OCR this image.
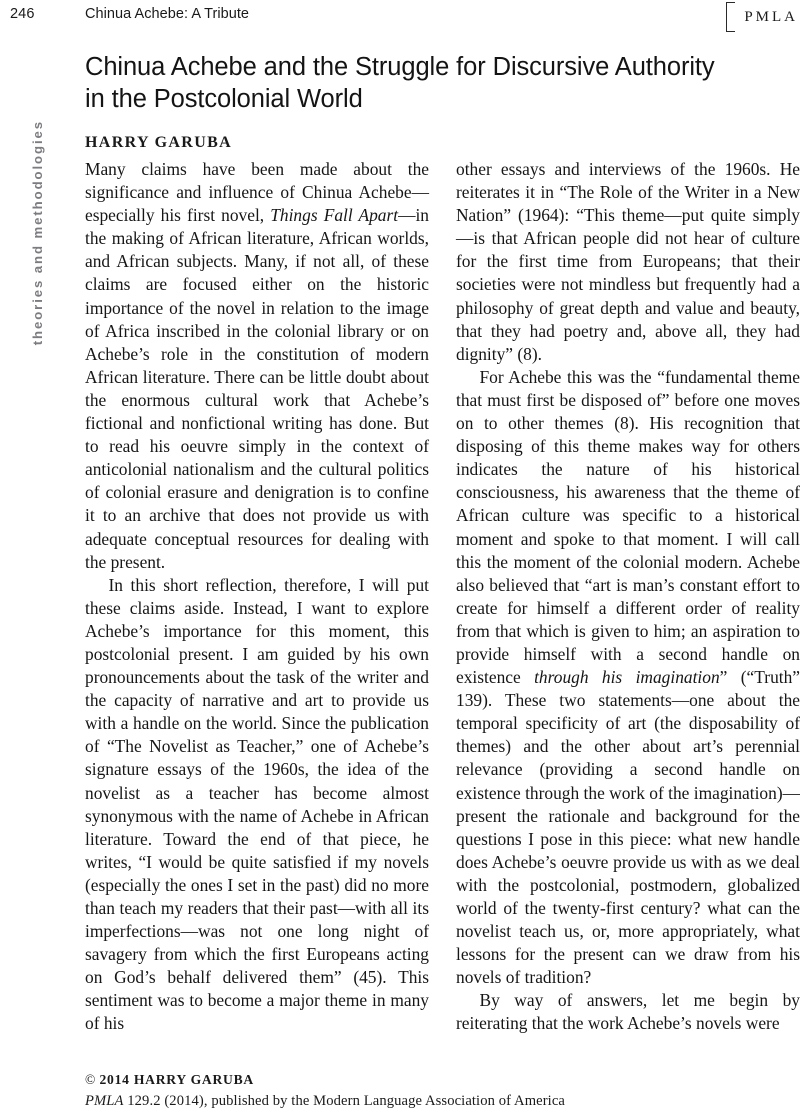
246	Chinua Achebe: A Tribute	PMLA
theories and methodologies
Chinua Achebe and the Struggle for Discursive Authority in the Postcolonial World
HARRY GARUBA

Many claims have been made about the significance and influence of Chinua Achebe—especially his first novel, Things Fall Apart—in the making of African literature, African worlds, and African subjects. Many, if not all, of these claims are focused either on the historic importance of the novel in relation to the image of Africa inscribed in the colonial library or on Achebe’s role in the constitution of modern African literature. There can be little doubt about the enormous cultural work that Achebe’s fictional and nonfictional writing has done. But to read his oeuvre simply in the context of anticolonial nationalism and the cultural politics of colonial erasure and denigration is to confine it to an archive that does not provide us with adequate conceptual resources for dealing with the present.

In this short reflection, therefore, I will put these claims aside. Instead, I want to explore Achebe’s importance for this moment, this postcolonial present. I am guided by his own pronouncements about the task of the writer and the capacity of narrative and art to provide us with a handle on the world. Since the publication of “The Novelist as Teacher,” one of Achebe’s signature essays of the 1960s, the idea of the novelist as a teacher has become almost synonymous with the name of Achebe in African literature. Toward the end of that piece, he writes, “I would be quite satisfied if my novels (especially the ones I set in the past) did no more than teach my readers that their past—with all its imperfections—was not one long night of savagery from which the first Europeans acting on God’s behalf delivered them” (45). This sentiment was to become a major theme in many of his

other essays and interviews of the 1960s. He reiterates it in “The Role of the Writer in a New Nation” (1964): “This theme—put quite simply—is that African people did not hear of culture for the first time from Europeans; that their societies were not mindless but frequently had a philosophy of great depth and value and beauty, that they had poetry and, above all, they had dignity” (8).

For Achebe this was the “fundamental theme that must first be disposed of” before one moves on to other themes (8). His recognition that disposing of this theme makes way for others indicates the nature of his historical consciousness, his awareness that the theme of African culture was specific to a historical moment and spoke to that moment. I will call this the moment of the colonial modern. Achebe also believed that “art is man’s constant effort to create for himself a different order of reality from that which is given to him; an aspiration to provide himself with a second handle on existence through his imagination” (“Truth” 139). These two statements—one about the temporal specificity of art (the disposability of themes) and the other about art’s perennial relevance (providing a second handle on existence through the work of the imagination)—present the rationale and background for the questions I pose in this piece: what new handle does Achebe’s oeuvre provide us with as we deal with the postcolonial, postmodern, globalized world of the twenty-first century? what can the novelist teach us, or, more appropriately, what lessons for the present can we draw from his novels of tradition?

By way of answers, let me begin by reiterating that the work Achebe’s novels were

© 2014 HARRY GARUBA
PMLA 129.2 (2014), published by the Modern Language Association of America
